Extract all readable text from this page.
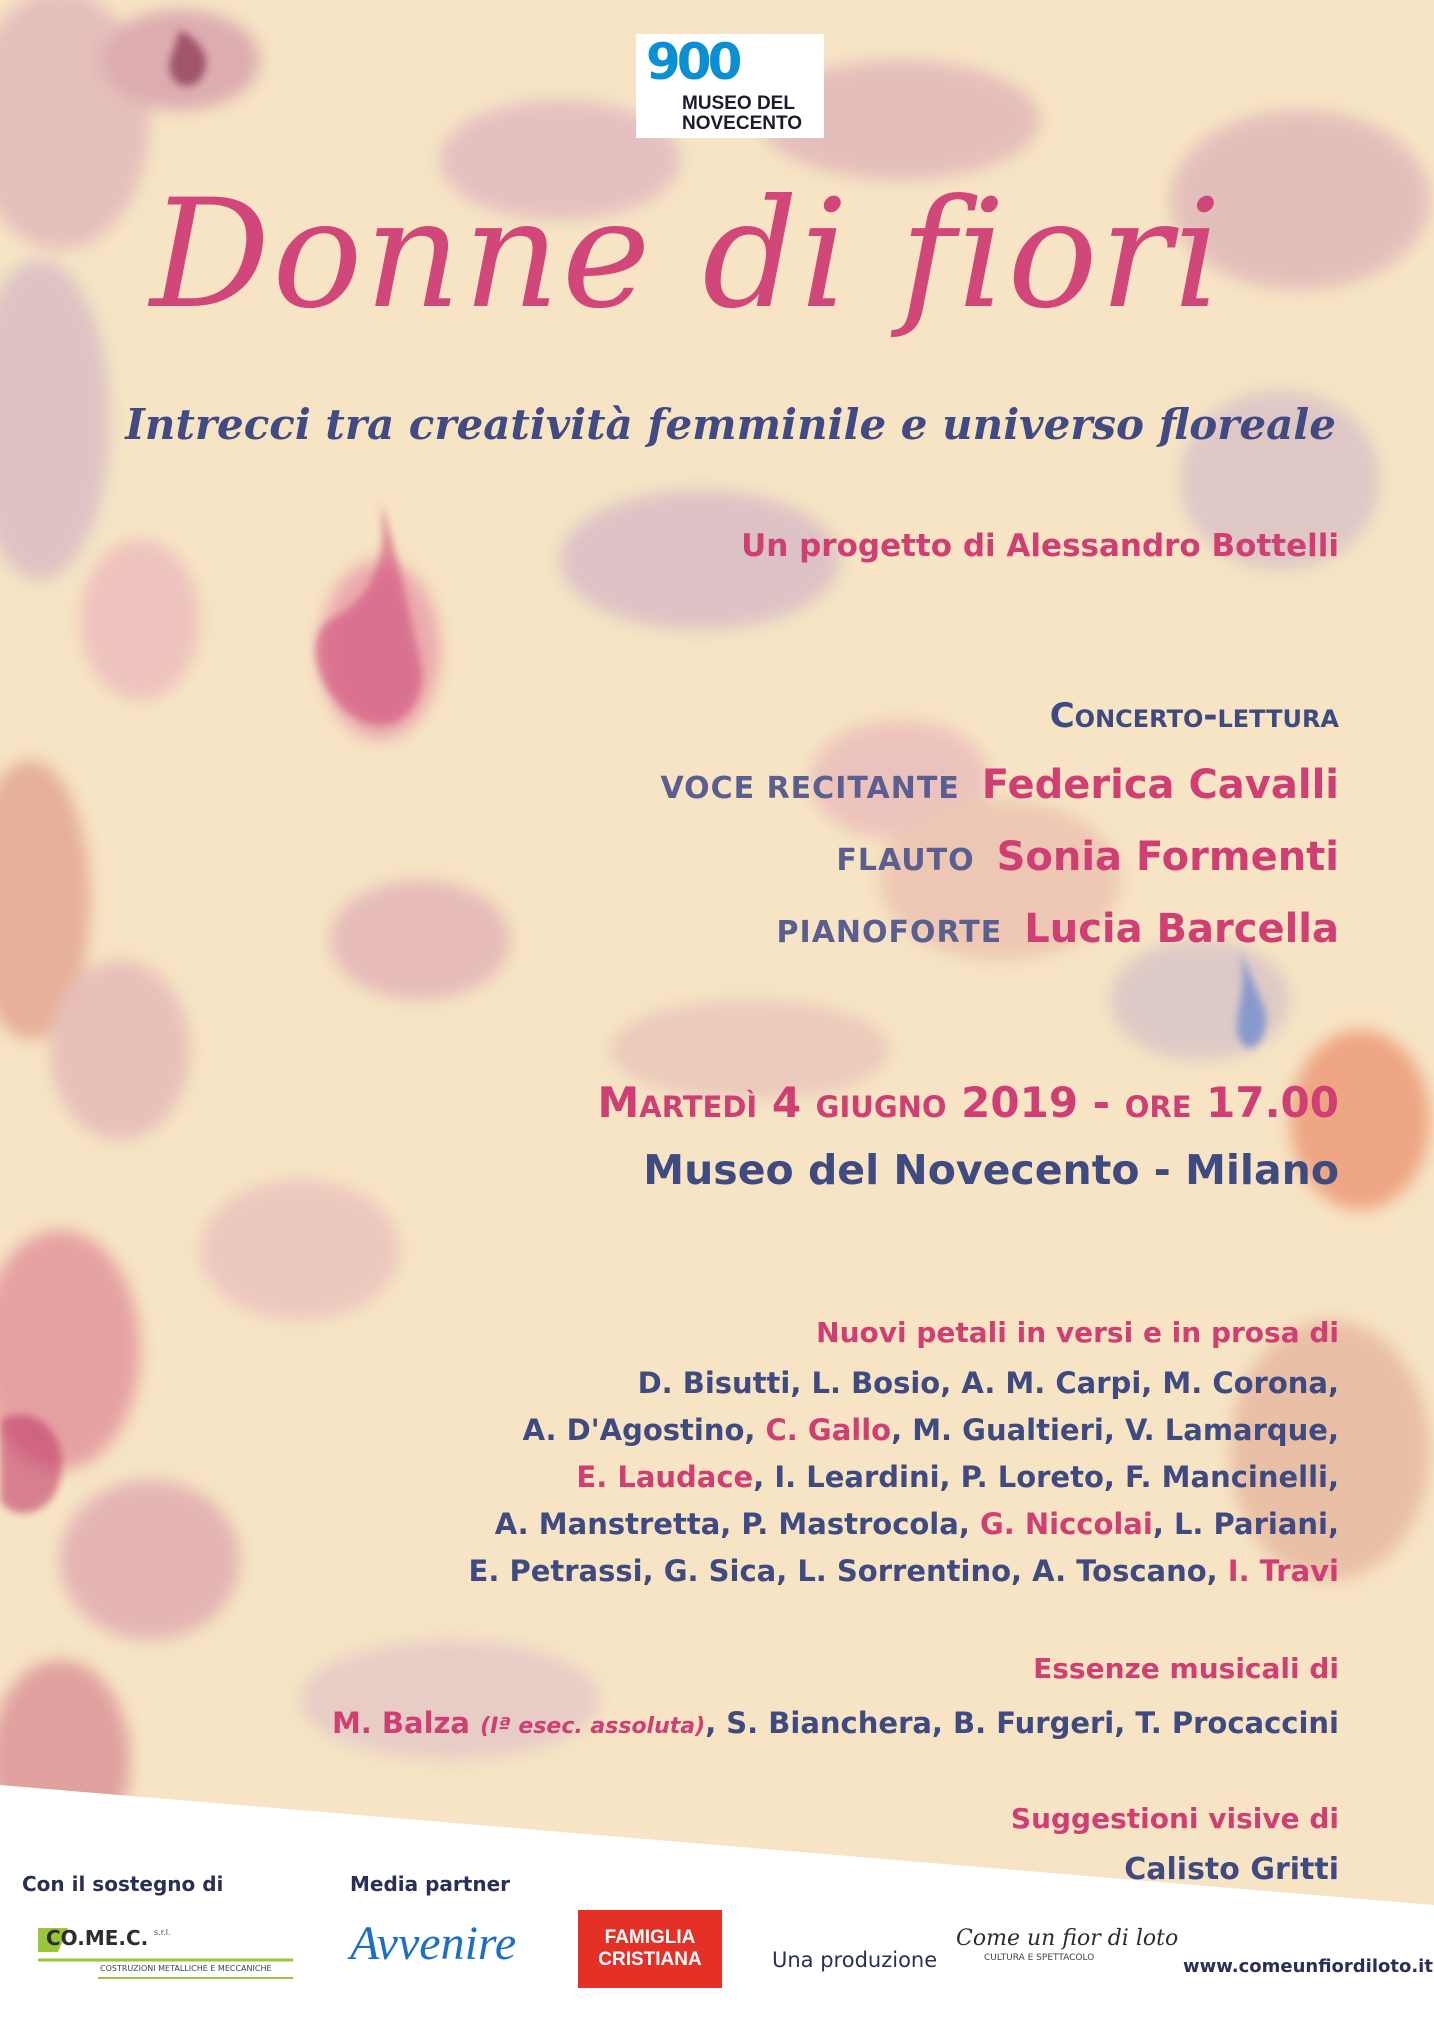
900
MUSEO DEL
NOVECENTO
Donne di fiori
Intrecci tra creatività femminile e universo floreale
Un progetto di Alessandro Bottelli
Concerto-lettura
VOCE RECITANTE Federica Cavalli
FLAUTO Sonia Formenti
PIANOFORTE Lucia Barcella
Martedì 4 giugno 2019 - ore 17.00
Museo del Novecento - Milano
Nuovi petali in versi e in prosa di
D. Bisutti, L. Bosio, A. M. Carpi, M. Corona,
A. D'Agostino, C. Gallo, M. Gualtieri, V. Lamarque,
E. Laudace, I. Leardini, P. Loreto, F. Mancinelli,
A. Manstretta, P. Mastrocola, G. Niccolai, L. Pariani,
E. Petrassi, G. Sica, L. Sorrentino, A. Toscano, I. Travi
Essenze musicali di
M. Balza (Iª esec. assoluta), S. Bianchera, B. Furgeri, T. Procaccini
Suggestioni visive di
Calisto Gritti
Con il sostegno di	Media partner
CO.ME.C. s.r.l.
COSTRUZIONI METALLICHE E MECCANICHE Avvenire	FAMIGLIA
CRISTIANA	Una produzione
Come un fior di loto
CULTURA E SPETTACOLO	www.comeunfiordiloto.it
